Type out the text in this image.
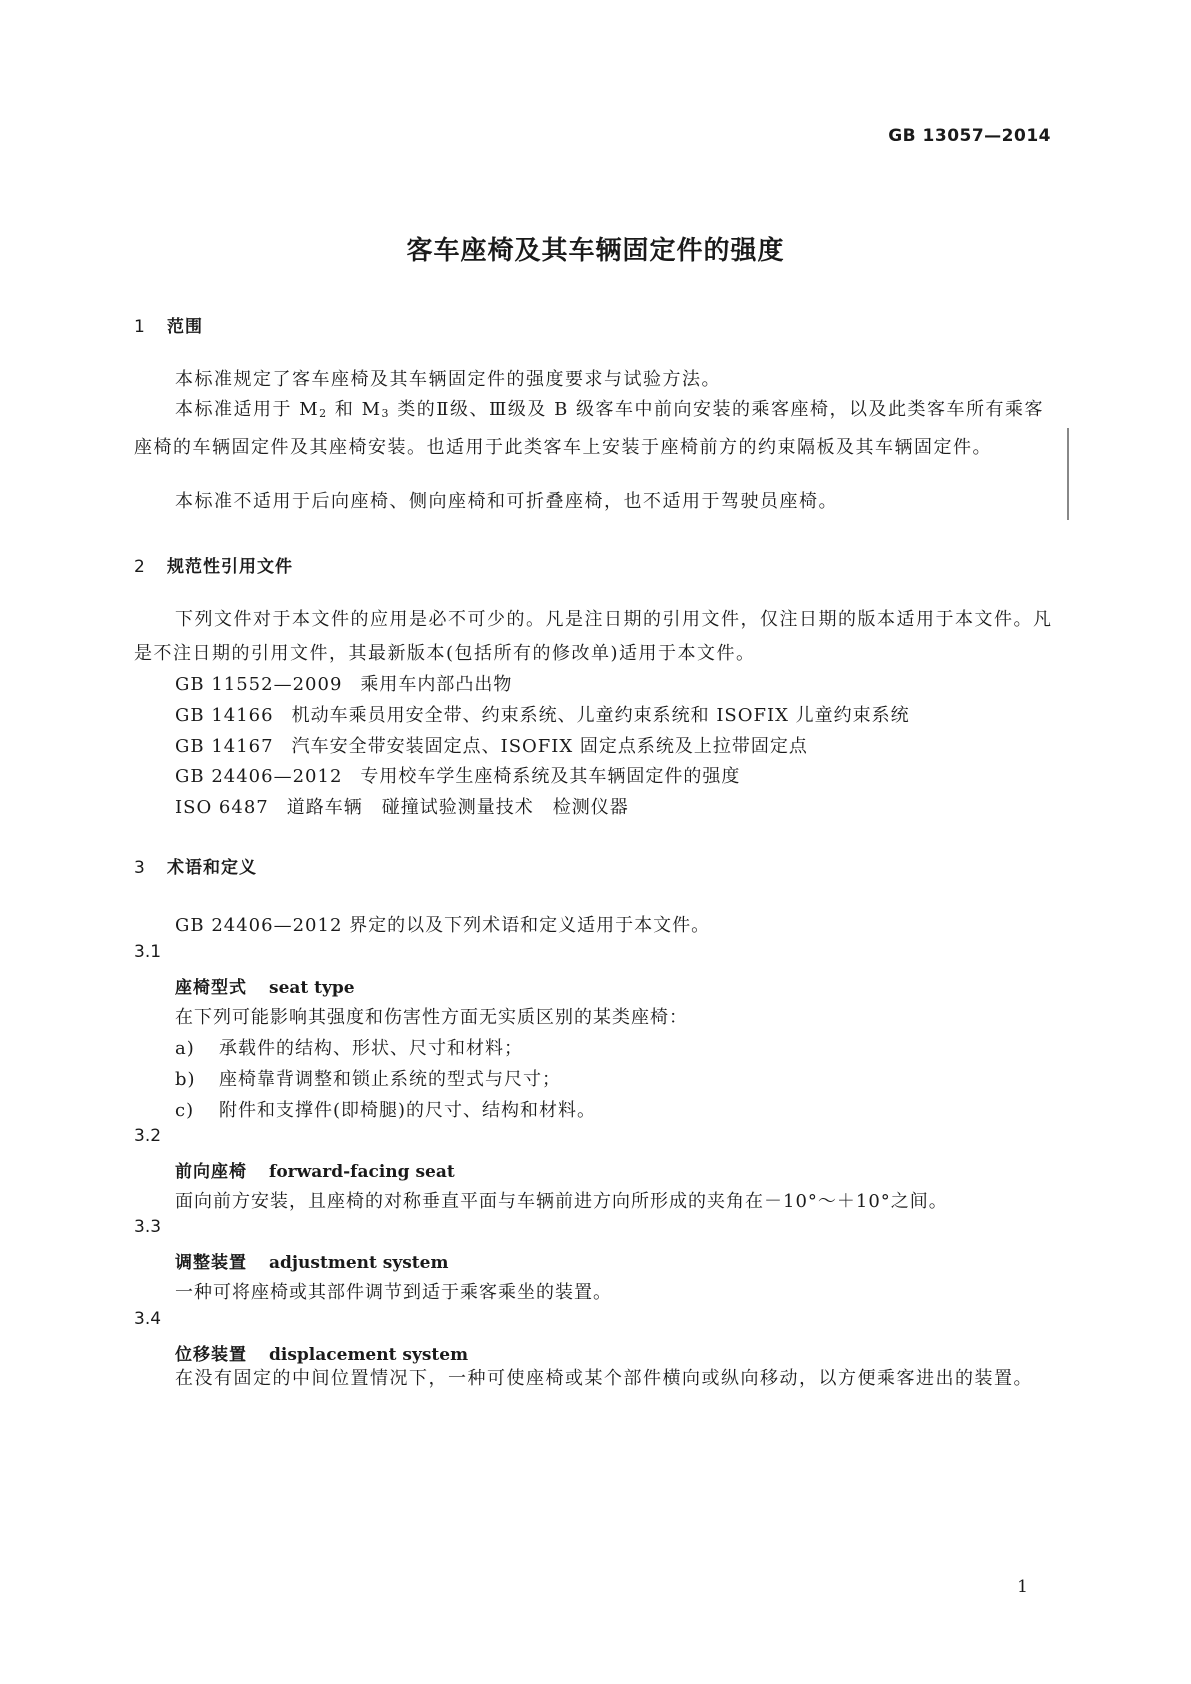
GB 13057—2014
客车座椅及其车辆固定件的强度
1 范围
本标准规定了客车座椅及其车辆固定件的强度要求与试验方法。
本标准适用于 $M_2$ 和 $M_3$ 类的Ⅱ级、Ⅲ级及 B 级客车中前向安装的乘客座椅，以及此类客车所有乘客座椅的车辆固定件及其座椅安装。也适用于此类客车上安装于座椅前方的约束隔板及其车辆固定件。
本标准不适用于后向座椅、侧向座椅和可折叠座椅，也不适用于驾驶员座椅。
2 规范性引用文件
下列文件对于本文件的应用是必不可少的。凡是注日期的引用文件，仅注日期的版本适用于本文件。凡是不注日期的引用文件，其最新版本(包括所有的修改单)适用于本文件。
GB 11552—2009 乘用车内部凸出物
GB 14166 机动车乘员用安全带、约束系统、儿童约束系统和 ISOFIX 儿童约束系统
GB 14167 汽车安全带安装固定点、ISOFIX 固定点系统及上拉带固定点
GB 24406—2012 专用校车学生座椅系统及其车辆固定件的强度
ISO 6487 道路车辆　碰撞试验测量技术　检测仪器
3 术语和定义
GB 24406—2012 界定的以及下列术语和定义适用于本文件。
3.1
座椅型式 seat type
在下列可能影响其强度和伤害性方面无实质区别的某类座椅：
a) 承载件的结构、形状、尺寸和材料；
b) 座椅靠背调整和锁止系统的型式与尺寸；
c) 附件和支撑件(即椅腿)的尺寸、结构和材料。
3.2
前向座椅 forward-facing seat
面向前方安装，且座椅的对称垂直平面与车辆前进方向所形成的夹角在－10°～＋10°之间。
3.3
调整装置 adjustment system
一种可将座椅或其部件调节到适于乘客乘坐的装置。
3.4
位移装置 displacement system
在没有固定的中间位置情况下，一种可使座椅或某个部件横向或纵向移动，以方便乘客进出的装置。
1
